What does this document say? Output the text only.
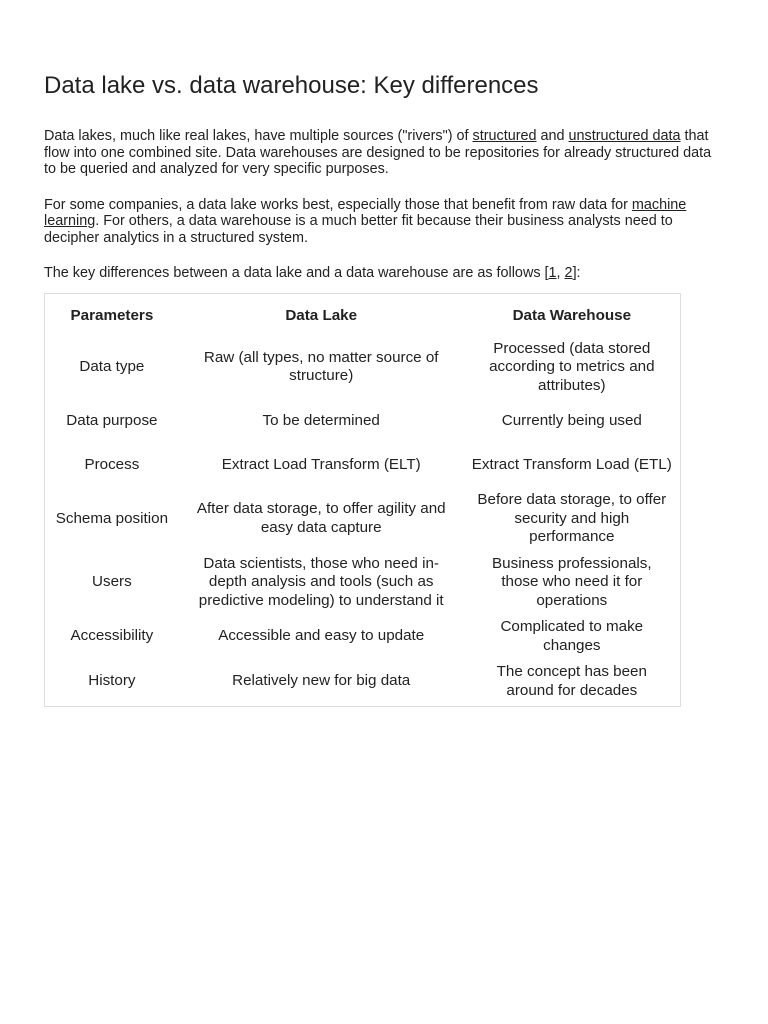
Data lake vs. data warehouse: Key differences

Data lakes, much like real lakes, have multiple sources ("rivers") of structured and unstructured data that flow into one combined site. Data warehouses are designed to be repositories for already structured data to be queried and analyzed for very specific purposes.

For some companies, a data lake works best, especially those that benefit from raw data for machine learning. For others, a data warehouse is a much better fit because their business analysts need to decipher analytics in a structured system.

The key differences between a data lake and a data warehouse are as follows [1, 2]:

Parameters	Data Lake	Data Warehouse
Data type	Raw (all types, no matter source of structure)	Processed (data stored according to metrics and attributes)
Data purpose	To be determined	Currently being used
Process	Extract Load Transform (ELT)	Extract Transform Load (ETL)
Schema position	After data storage, to offer agility and easy data capture	Before data storage, to offer security and high performance
Users	Data scientists, those who need in-depth analysis and tools (such as predictive modeling) to understand it	Business professionals, those who need it for operations
Accessibility	Accessible and easy to update	Complicated to make changes
History	Relatively new for big data	The concept has been around for decades
